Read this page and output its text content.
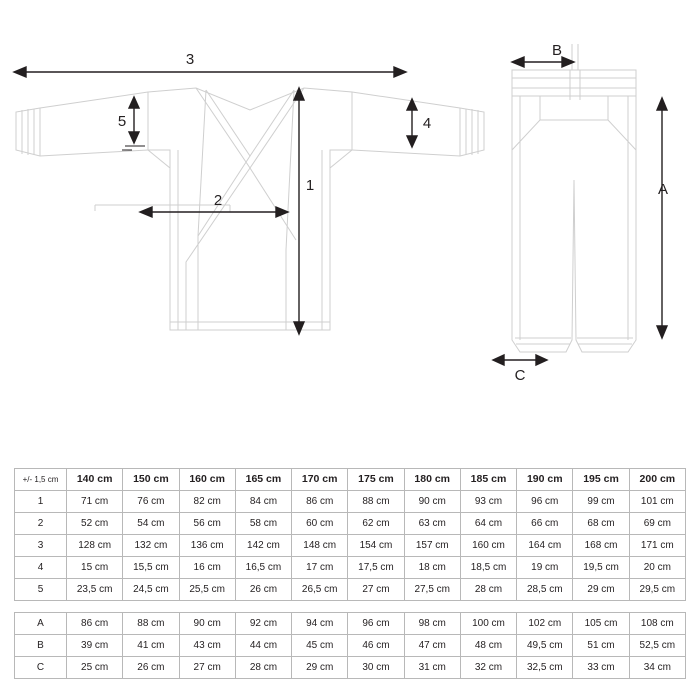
3
1
2
4
5
A
B
C
+/- 1,5 cm	140 cm	150 cm	160 cm	165 cm	170 cm	175 cm	180 cm	185 cm	190 cm	195 cm	200 cm
1	71 cm	76 cm	82 cm	84 cm	86 cm	88 cm	90 cm	93 cm	96 cm	99 cm	101 cm
2	52 cm	54 cm	56 cm	58 cm	60 cm	62 cm	63 cm	64 cm	66 cm	68 cm	69 cm
3	128 cm	132 cm	136 cm	142 cm	148 cm	154 cm	157 cm	160 cm	164 cm	168 cm	171 cm
4	15 cm	15,5 cm	16 cm	16,5 cm	17 cm	17,5 cm	18 cm	18,5 cm	19 cm	19,5 cm	20 cm
5	23,5 cm	24,5 cm	25,5 cm	26 cm	26,5 cm	27 cm	27,5 cm	28 cm	28,5 cm	29 cm	29,5 cm
A	86 cm	88 cm	90 cm	92 cm	94 cm	96 cm	98 cm	100 cm	102 cm	105 cm	108 cm
B	39 cm	41 cm	43 cm	44 cm	45 cm	46 cm	47 cm	48 cm	49,5 cm	51 cm	52,5 cm
C	25 cm	26 cm	27 cm	28 cm	29 cm	30 cm	31 cm	32 cm	32,5 cm	33 cm	34 cm
